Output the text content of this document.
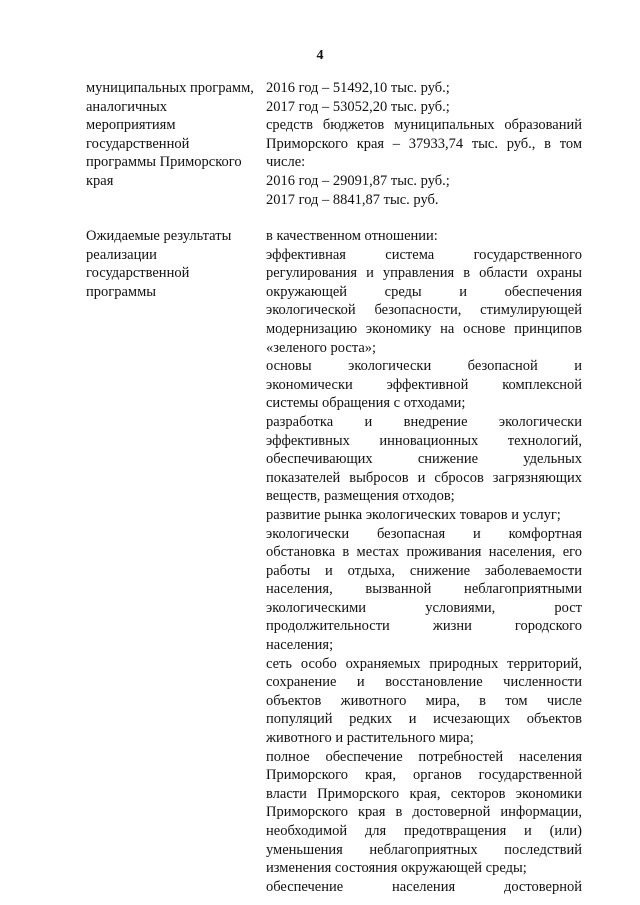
4
муниципальных программ,
аналогичных
мероприятиям
государственной
программы Приморского
края
2016 год – 51492,10 тыс. руб.;
2017 год – 53052,20 тыс. руб.;
средств бюджетов муниципальных образований
Приморского края – 37933,74 тыс. руб., в том
числе:
2016 год – 29091,87 тыс. руб.;
2017 год – 8841,87 тыс. руб.
Ожидаемые результаты
реализации
государственной
программы
в качественном отношении:
эффективная система государственного
регулирования и управления в области охраны
окружающей среды и обеспечения
экологической безопасности, стимулирующей
модернизацию экономику на основе принципов
«зеленого роста»;
основы экологически безопасной и
экономически эффективной комплексной
системы обращения с отходами;
разработка и внедрение экологически
эффективных инновационных технологий,
обеспечивающих снижение удельных
показателей выбросов и сбросов загрязняющих
веществ, размещения отходов;
развитие рынка экологических товаров и услуг;
экологически безопасная и комфортная
обстановка в местах проживания населения, его
работы и отдыха, снижение заболеваемости
населения, вызванной неблагоприятными
экологическими условиями, рост
продолжительности жизни городского
населения;
сеть особо охраняемых природных территорий,
сохранение и восстановление численности
объектов животного мира, в том числе
популяций редких и исчезающих объектов
животного и растительного мира;
полное обеспечение потребностей населения
Приморского края, органов государственной
власти Приморского края, секторов экономики
Приморского края в достоверной информации,
необходимой для предотвращения и (или)
уменьшения неблагоприятных последствий
изменения состояния окружающей среды;
обеспечение населения достоверной
